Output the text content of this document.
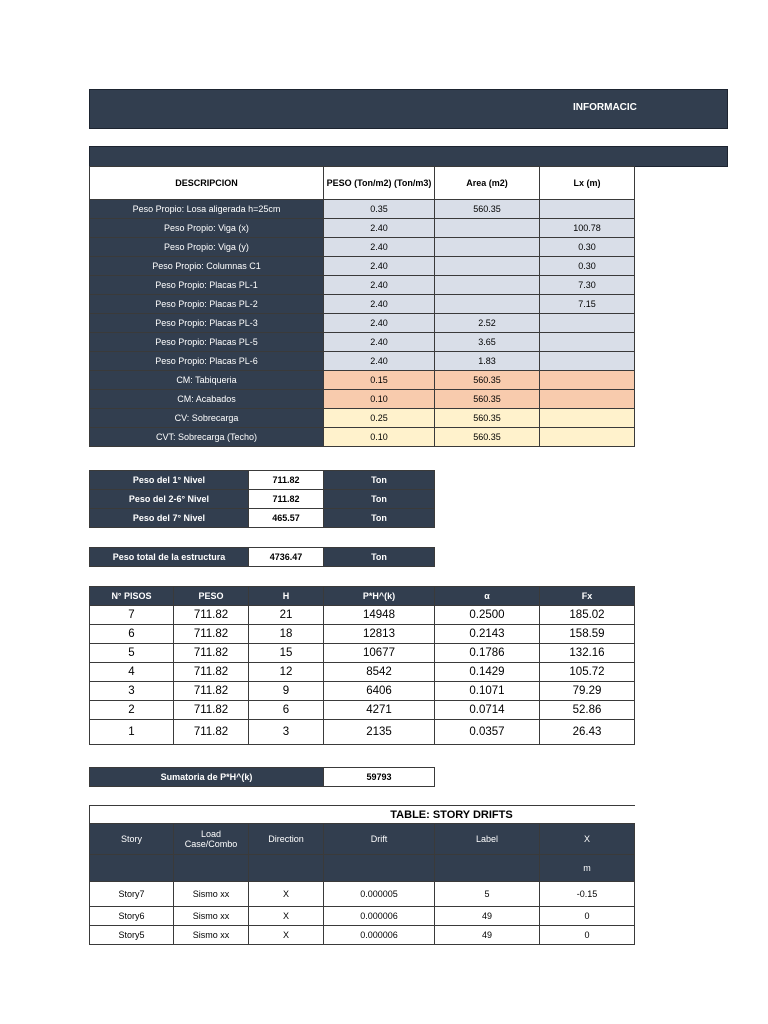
INFORMACIC
DESCRIPCION	PESO (Ton/m2) (Ton/m3)	Area (m2)	Lx (m)
Peso Propio: Losa aligerada h=25cm	0.35	560.35	
Peso Propio: Viga (x)	2.40		100.78
Peso Propio: Viga (y)	2.40		0.30
Peso Propio: Columnas C1	2.40		0.30
Peso Propio: Placas PL-1	2.40		7.30
Peso Propio: Placas PL-2	2.40		7.15
Peso Propio: Placas PL-3	2.40	2.52	
Peso Propio: Placas PL-5	2.40	3.65	
Peso Propio: Placas PL-6	2.40	1.83	
CM: Tabiqueria	0.15	560.35	
CM: Acabados	0.10	560.35	
CV: Sobrecarga	0.25	560.35	
CVT: Sobrecarga (Techo)	0.10	560.35	
Peso del 1° Nivel	711.82	Ton
Peso del 2-6° Nivel	711.82	Ton
Peso del 7° Nivel	465.57	Ton
Peso total de la estructura	4736.47	Ton
N° PISOS	PESO	H	P*H^(k)	α	Fx
7	711.82	21	14948	0.2500	185.02
6	711.82	18	12813	0.2143	158.59
5	711.82	15	10677	0.1786	132.16
4	711.82	12	8542	0.1429	105.72
3	711.82	9	6406	0.1071	79.29
2	711.82	6	4271	0.0714	52.86
1	711.82	3	2135	0.0357	26.43
Sumatoria de P*H^(k)	59793
			TABLE: STORY DRIFTS		
Story	Load Case/Combo	Direction	Drift	Label	X
					m
Story7	Sismo xx	X	0.000005	5	-0.15
Story6	Sismo xx	X	0.000006	49	0
Story5	Sismo xx	X	0.000006	49	0
